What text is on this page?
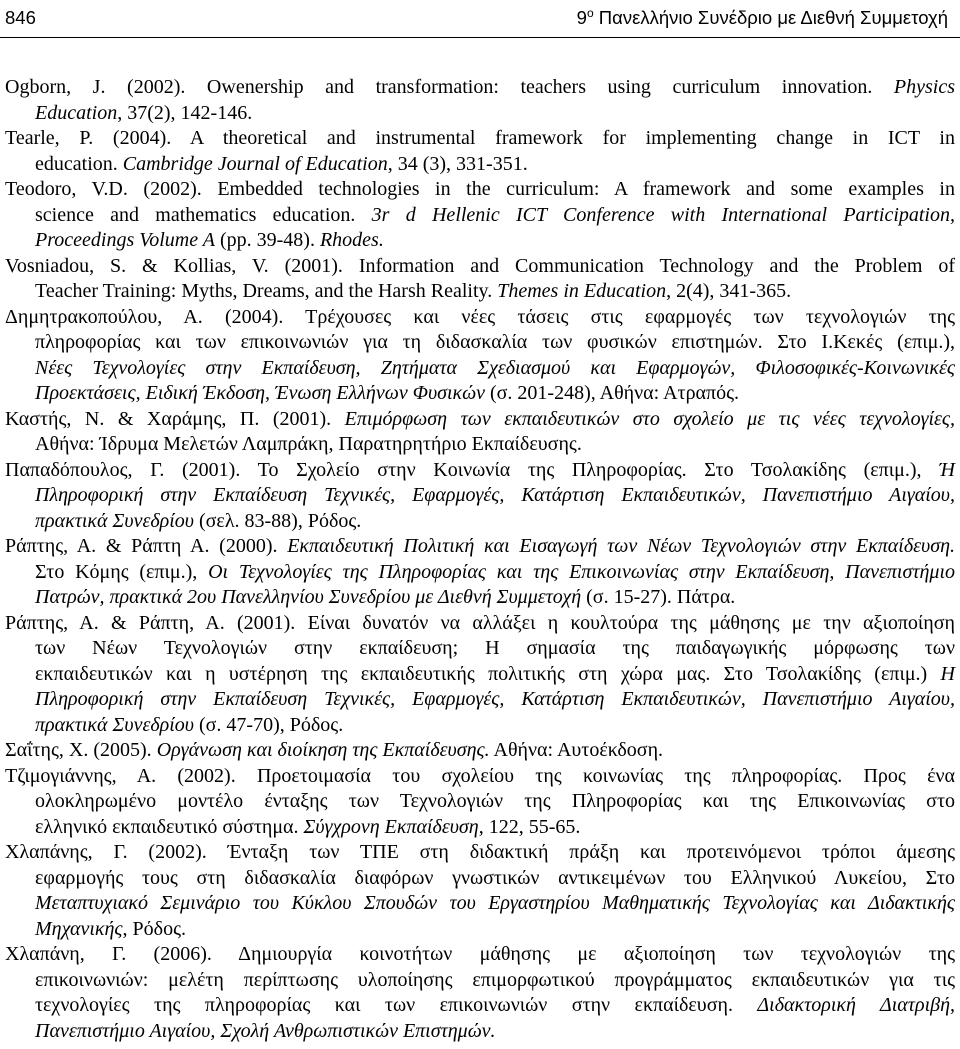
846	$9^o$ Πανελλήνιο Συνέδριο με Διεθνή Συμμετοχή
Ogborn, J. (2002). Owenership and transformation: teachers using curriculum innovation. Physics
Education, 37(2), 142-146.
Tearle, P. (2004). A theoretical and instrumental framework for implementing change in ICT in
education. Cambridge Journal of Education, 34 (3), 331-351.
Teodoro, V.D. (2002). Embedded technologies in the curriculum: A framework and some examples in
science and mathematics education. 3r d Hellenic ICT Conference with International Participation,
Proceedings Volume A (pp. 39-48). Rhodes.
Vosniadou, S. & Kollias, V. (2001). Information and Communication Technology and the Problem of
Teacher Training: Myths, Dreams, and the Harsh Reality. Themes in Education, 2(4), 341-365.
Δημητρακοπούλου, Α. (2004). Τρέχουσες και νέες τάσεις στις εφαρμογές των τεχνολογιών της
πληροφορίας και των επικοινωνιών για τη διδασκαλία των φυσικών επιστημών. Στο Ι.Κεκές (επιμ.),
Νέες Τεχνολογίες στην Εκπαίδευση, Ζητήματα Σχεδιασμού και Εφαρμογών, Φιλοσοφικές-Κοινωνικές
Προεκτάσεις, Ειδική Έκδοση, Ένωση Ελλήνων Φυσικών (σ. 201-248), Αθήνα: Ατραπός.
Καστής, Ν. & Χαράμης, Π. (2001). Επιμόρφωση των εκπαιδευτικών στο σχολείο με τις νέες τεχνολογίες,
Αθήνα: Ίδρυμα Μελετών Λαμπράκη, Παρατηρητήριο Εκπαίδευσης.
Παπαδόπουλος, Γ. (2001). Το Σχολείο στην Κοινωνία της Πληροφορίας. Στο Τσολακίδης (επιμ.), Ή
Πληροφορική στην Εκπαίδευση Τεχνικές, Εφαρμογές, Κατάρτιση Εκπαιδευτικών, Πανεπιστήμιο Αιγαίου,
πρακτικά Συνεδρίου (σελ. 83-88), Ρόδος.
Ράπτης, Α. & Ράπτη Α. (2000). Εκπαιδευτική Πολιτική και Εισαγωγή των Νέων Τεχνολογιών στην Εκπαίδευση.
Στο Κόμης (επιμ.), Οι Τεχνολογίες της Πληροφορίας και της Επικοινωνίας στην Εκπαίδευση, Πανεπιστήμιο
Πατρών, πρακτικά 2ου Πανελληνίου Συνεδρίου με Διεθνή Συμμετοχή (σ. 15-27). Πάτρα.
Ράπτης, Α. & Ράπτη, Α. (2001). Είναι δυνατόν να αλλάξει η κουλτούρα της μάθησης με την αξιοποίηση
των Νέων Τεχνολογιών στην εκπαίδευση; Η σημασία της παιδαγωγικής μόρφωσης των
εκπαιδευτικών και η υστέρηση της εκπαιδευτικής πολιτικής στη χώρα μας. Στο Τσολακίδης (επιμ.) Η
Πληροφορική στην Εκπαίδευση Τεχνικές, Εφαρμογές, Κατάρτιση Εκπαιδευτικών, Πανεπιστήμιο Αιγαίου,
πρακτικά Συνεδρίου (σ. 47-70), Ρόδος.
Σαΐτης, Χ. (2005). Οργάνωση και διοίκηση της Εκπαίδευσης. Αθήνα: Αυτοέκδοση.
Τζιμογιάννης, Α. (2002). Προετοιμασία του σχολείου της κοινωνίας της πληροφορίας. Προς ένα
ολοκληρωμένο μοντέλο ένταξης των Τεχνολογιών της Πληροφορίας και της Επικοινωνίας στο
ελληνικό εκπαιδευτικό σύστημα. Σύγχρονη Εκπαίδευση, 122, 55-65.
Χλαπάνης, Γ. (2002). Ένταξη των ΤΠΕ στη διδακτική πράξη και προτεινόμενοι τρόποι άμεσης
εφαρμογής τους στη διδασκαλία διαφόρων γνωστικών αντικειμένων του Ελληνικού Λυκείου, Στο
Μεταπτυχιακό Σεμινάριο του Κύκλου Σπουδών του Εργαστηρίου Μαθηματικής Τεχνολογίας και Διδακτικής
Μηχανικής, Ρόδος.
Χλαπάνη, Γ. (2006). Δημιουργία κοινοτήτων μάθησης με αξιοποίηση των τεχνολογιών της
επικοινωνιών: μελέτη περίπτωσης υλοποίησης επιμορφωτικού προγράμματος εκπαιδευτικών για τις
τεχνολογίες της πληροφορίας και των επικοινωνιών στην εκπαίδευση. Διδακτορική Διατριβή,
Πανεπιστήμιο Αιγαίου, Σχολή Ανθρωπιστικών Επιστημών.
